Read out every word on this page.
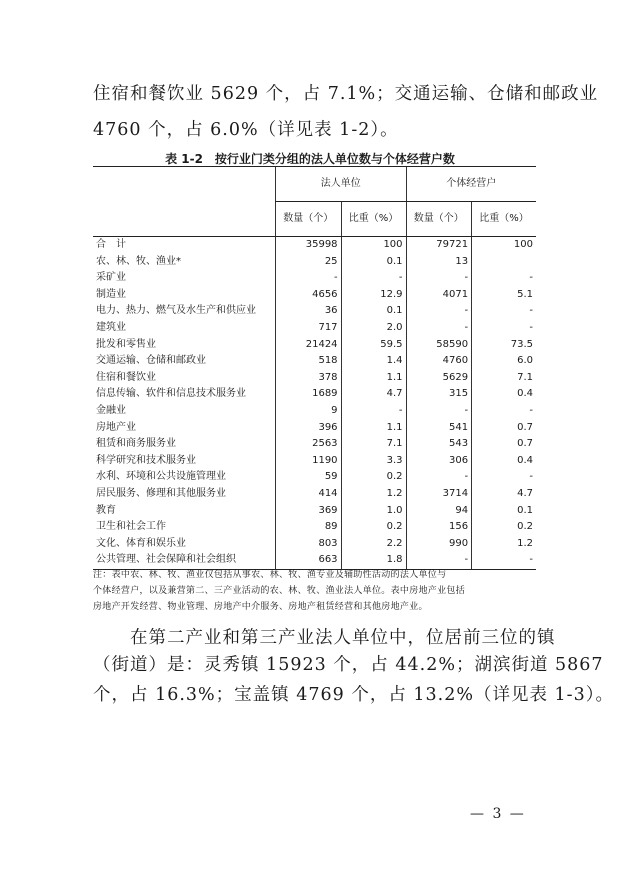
住宿和餐饮业 5629 个，占 7.1%；交通运输、仓储和邮政业
4760 个，占 6.0%（详见表 1-2）。
表 1-2　按行业门类分组的法人单位数与个体经营户数
	法人单位		个体经营户	
	数量（个）	比重（%）	数量（个）	比重（%）
合　计	35998	100	79721	100
农、林、牧、渔业*	25	0.1	13	
采矿业	-	-	-	-
制造业	4656	12.9	4071	5.1
电力、热力、燃气及水生产和供应业	36	0.1	-	-
建筑业	717	2.0	-	-
批发和零售业	21424	59.5	58590	73.5
交通运输、仓储和邮政业	518	1.4	4760	6.0
住宿和餐饮业	378	1.1	5629	7.1
信息传输、软件和信息技术服务业	1689	4.7	315	0.4
金融业	9	-	-	-
房地产业	396	1.1	541	0.7
租赁和商务服务业	2563	7.1	543	0.7
科学研究和技术服务业	1190	3.3	306	0.4
水利、环境和公共设施管理业	59	0.2	-	-
居民服务、修理和其他服务业	414	1.2	3714	4.7
教育	369	1.0	94	0.1
卫生和社会工作	89	0.2	156	0.2
文化、体育和娱乐业	803	2.2	990	1.2
公共管理、社会保障和社会组织	663	1.8	-	-
注：表中农、林、牧、渔业仅包括从事农、林、牧、渔专业及辅助性活动的法人单位与
个体经营户，以及兼营第二、三产业活动的农、林、牧、渔业法人单位。表中房地产业包括
房地产开发经营、物业管理、房地产中介服务、房地产租赁经营和其他房地产业。
　　在第二产业和第三产业法人单位中，位居前三位的镇
（街道）是：灵秀镇 15923 个，占 44.2%；湖滨街道 5867
个，占 16.3%；宝盖镇 4769 个，占 13.2%（详见表 1-3）。
— 3 —
